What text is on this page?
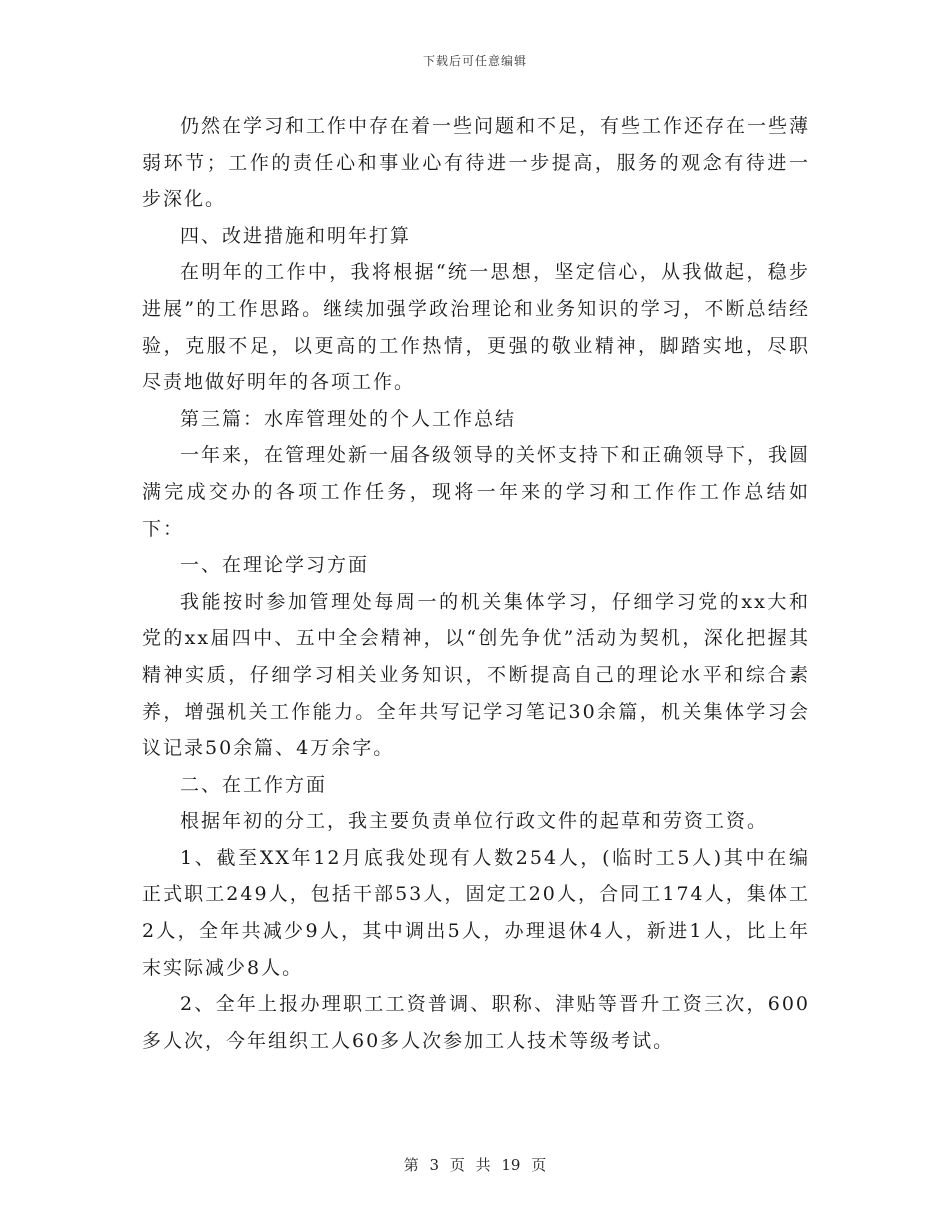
下载后可任意编辑

仍然在学习和工作中存在着一些问题和不足，有些工作还存在一些薄弱环节；工作的责任心和事业心有待进一步提高，服务的观念有待进一步深化。

四、改进措施和明年打算

在明年的工作中，我将根据“统一思想，坚定信心，从我做起，稳步进展”的工作思路。继续加强学政治理论和业务知识的学习，不断总结经验，克服不足，以更高的工作热情，更强的敬业精神，脚踏实地，尽职尽责地做好明年的各项工作。

第三篇：水库管理处的个人工作总结

一年来，在管理处新一届各级领导的关怀支持下和正确领导下，我圆满完成交办的各项工作任务，现将一年来的学习和工作作工作总结如下：

一、在理论学习方面

我能按时参加管理处每周一的机关集体学习，仔细学习党的xx大和党的xx届四中、五中全会精神，以“创先争优”活动为契机，深化把握其精神实质，仔细学习相关业务知识，不断提高自己的理论水平和综合素养，增强机关工作能力。全年共写记学习笔记30余篇，机关集体学习会议记录50余篇、4万余字。

二、在工作方面

根据年初的分工，我主要负责单位行政文件的起草和劳资工资。

1、截至XX年12月底我处现有人数254人，(临时工5人)其中在编正式职工249人，包括干部53人，固定工20人，合同工174人，集体工2人，全年共减少9人，其中调出5人，办理退休4人，新进1人，比上年末实际减少8人。

2、全年上报办理职工工资普调、职称、津贴等晋升工资三次，600多人次，今年组织工人60多人次参加工人技术等级考试。

第 3 页 共 19 页
